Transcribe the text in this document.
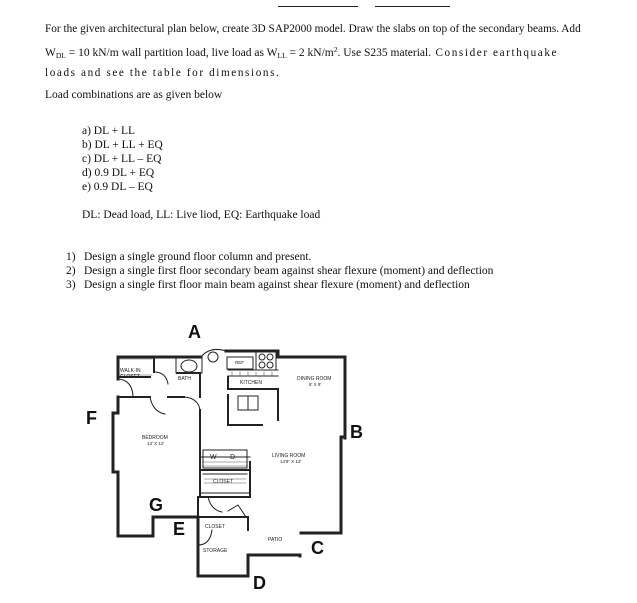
For the given architectural plan below, create 3D SAP2000 model. Draw the slabs on top of the secondary beams. Add
$W_{DL} = 10$ kN/m wall partition load, live load as $W_{LL} = 2$ $kN/m^2$. Use S235 material. Consider earthquake
loads and see the table for dimensions.
Load combinations are as given below
a) DL + LL
b) DL + LL + EQ
c) DL + LL – EQ
d) 0.9 DL + EQ
e) 0.9 DL – EQ
DL: Dead load, LL: Live liod, EQ: Earthquake load
1) Design a single ground floor column and present.
2) Design a single first floor secondary beam against shear flexure (moment) and deflection
3) Design a single first floor main beam against shear flexure (moment) and deflection
A
B
C
D
E
F
G
WALK-IN
CLOSET	BATH
REF
KITCHEN
DINING ROOM
8' X 9'
BEDROOM
13' X 12'
W D
CLOSET
LIVING ROOM
14'8" X 13'
CLOSET
STORAGE
PATIO
